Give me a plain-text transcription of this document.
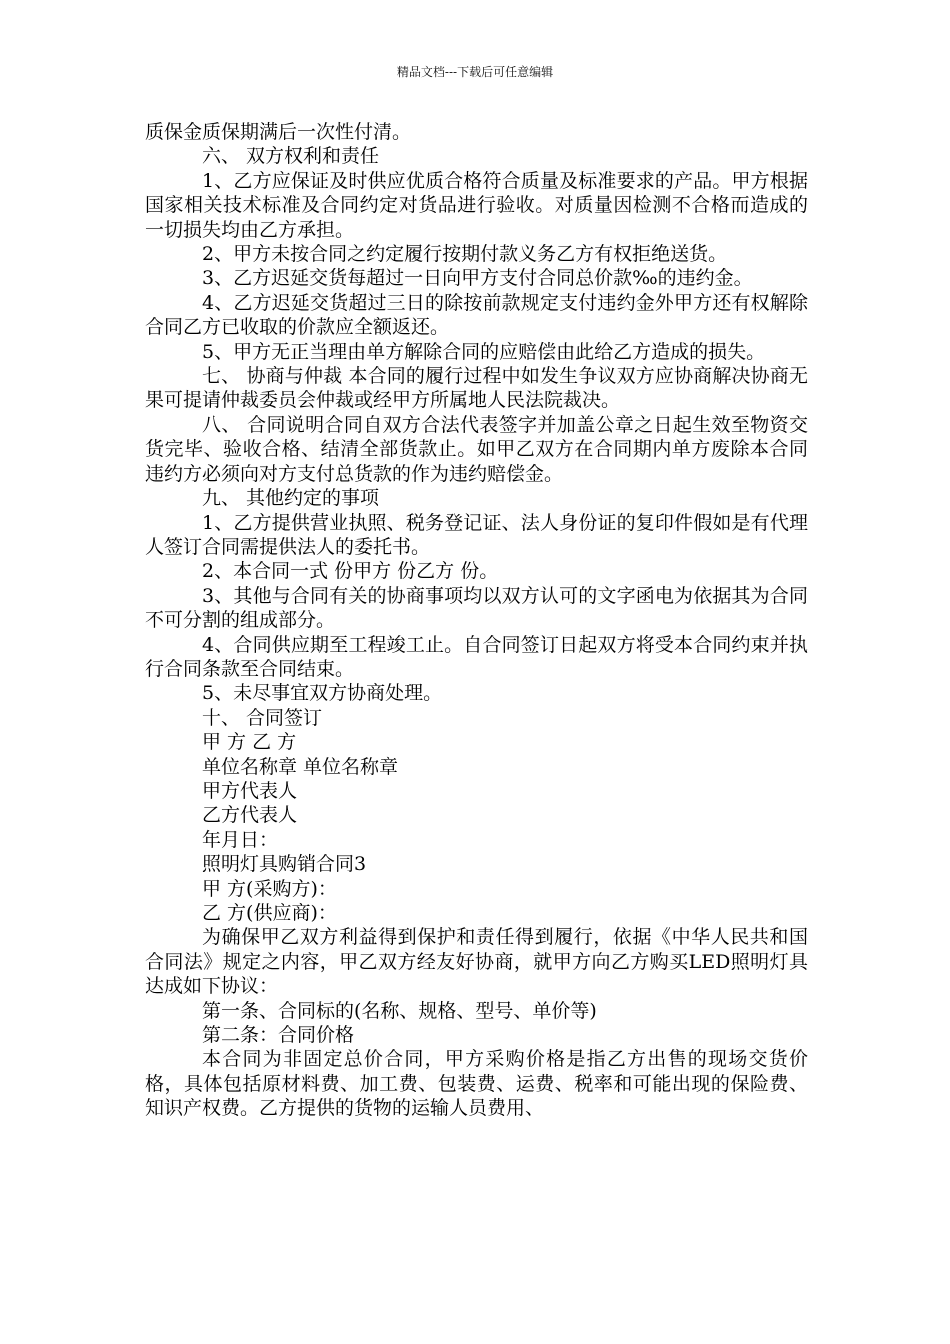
精品文档---下载后可任意编辑

质保金质保期满后一次性付清。

六、 双方权利和责任

1、乙方应保证及时供应优质合格符合质量及标准要求的产品。甲方根据国家相关技术标准及合同约定对货品进行验收。对质量因检测不合格而造成的一切损失均由乙方承担。

2、甲方未按合同之约定履行按期付款义务乙方有权拒绝送货。

3、乙方迟延交货每超过一日向甲方支付合同总价款‰的违约金。

4、乙方迟延交货超过三日的除按前款规定支付违约金外甲方还有权解除合同乙方已收取的价款应全额返还。

5、甲方无正当理由单方解除合同的应赔偿由此给乙方造成的损失。

七、 协商与仲裁 本合同的履行过程中如发生争议双方应协商解决协商无果可提请仲裁委员会仲裁或经甲方所属地人民法院裁决。

八、 合同说明合同自双方合法代表签字并加盖公章之日起生效至物资交货完毕、验收合格、结清全部货款止。如甲乙双方在合同期内单方废除本合同违约方必须向对方支付总货款的作为违约赔偿金。

九、 其他约定的事项

1、乙方提供营业执照、税务登记证、法人身份证的复印件假如是有代理人签订合同需提供法人的委托书。

2、本合同一式 份甲方 份乙方 份。

3、其他与合同有关的协商事项均以双方认可的文字函电为依据其为合同不可分割的组成部分。

4、合同供应期至工程竣工止。自合同签订日起双方将受本合同约束并执行合同条款至合同结束。

5、未尽事宜双方协商处理。

十、 合同签订

甲 方 乙 方

单位名称章 单位名称章

甲方代表人

乙方代表人

年月日：

照明灯具购销合同3

甲 方(采购方)：

乙 方(供应商)：

为确保甲乙双方利益得到保护和责任得到履行，依据《中华人民共和国合同法》规定之内容，甲乙双方经友好协商，就甲方向乙方购买LED照明灯具达成如下协议：

第一条、合同标的(名称、规格、型号、单价等)

第二条：合同价格

本合同为非固定总价合同，甲方采购价格是指乙方出售的现场交货价格，具体包括原材料费、加工费、包装费、运费、税率和可能出现的保险费、知识产权费。乙方提供的货物的运输人员费用、
